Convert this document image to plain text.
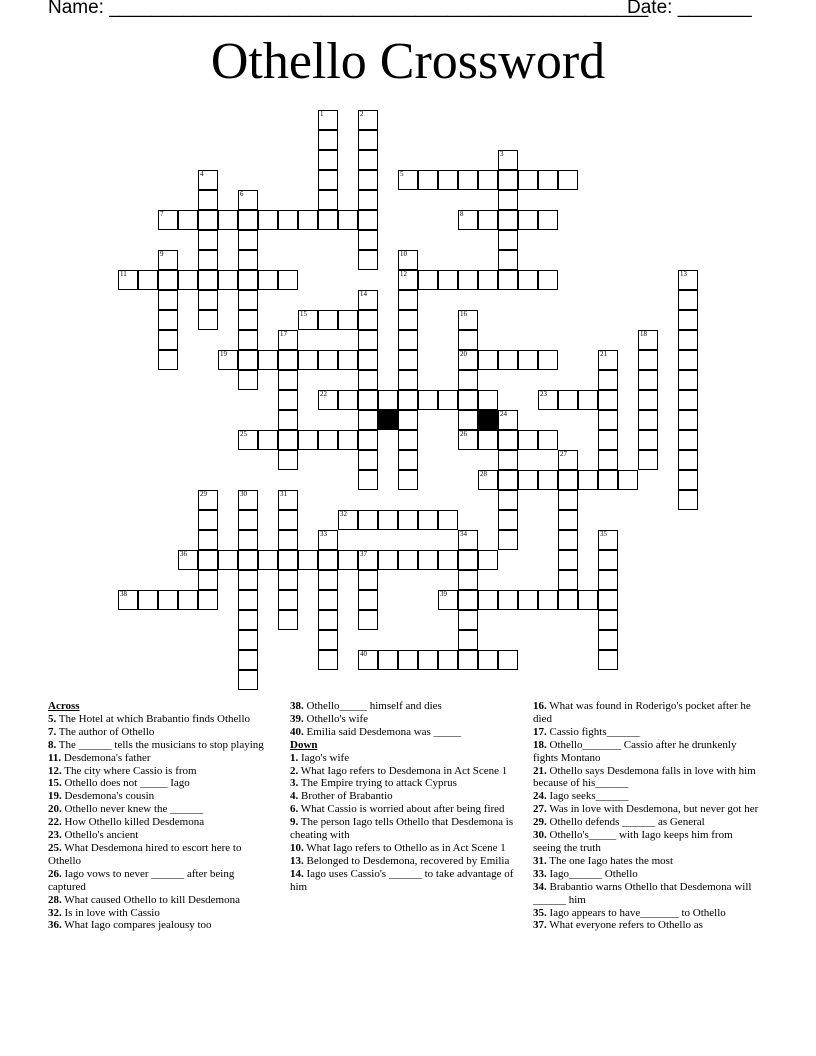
Name: ___________________________________________________
Date: _______
Othello Crossword
1	2
3
4	5
6
7	8
9	10
11	12	13
14
15	16
17	18
19	20	21
22	23
24
25	26
27
28
29	30	31
32
33	34	35
36	37
38	39
40

Across

5. The Hotel at which Brabantio finds Othello

7. The author of Othello

8. The ______ tells the musicians to stop playing

11. Desdemona's father

12. The city where Cassio is from

15. Othello does not _____ Iago

19. Desdemona's cousin

20. Othello never knew the ______

22. How Othello killed Desdemona

23. Othello's ancient

25. What Desdemona hired to escort here to Othello

26. Iago vows to never ______ after being captured

28. What caused Othello to kill Desdemona

32. Is in love with Cassio

36. What Iago compares jealousy too

38. Othello_____ himself and dies

39. Othello's wife

40. Emilia said Desdemona was _____

Down

1. Iago's wife

2. What Iago refers to Desdemona in Act Scene 1

3. The Empire trying to attack Cyprus

4. Brother of Brabantio

6. What Cassio is worried about after being fired

9. The person Iago tells Othello that Desdemona is cheating with

10. What Iago refers to Othello as in Act Scene 1

13. Belonged to Desdemona, recovered by Emilia

14. Iago uses Cassio's ______ to take advantage of him

16. What was found in Roderigo's pocket after he died

17. Cassio fights______

18. Othello_______ Cassio after he drunkenly fights Montano

21. Othello says Desdemona falls in love with him because of his______

24. Iago seeks______

27. Was in love with Desdemona, but never got her

29. Othello defends ______ as General

30. Othello's_____ with Iago keeps him from seeing the truth

31. The one Iago hates the most

33. Iago______ Othello

34. Brabantio warns Othello that Desdemona will ______ him

35. Iago appears to have_______ to Othello

37. What everyone refers to Othello as
